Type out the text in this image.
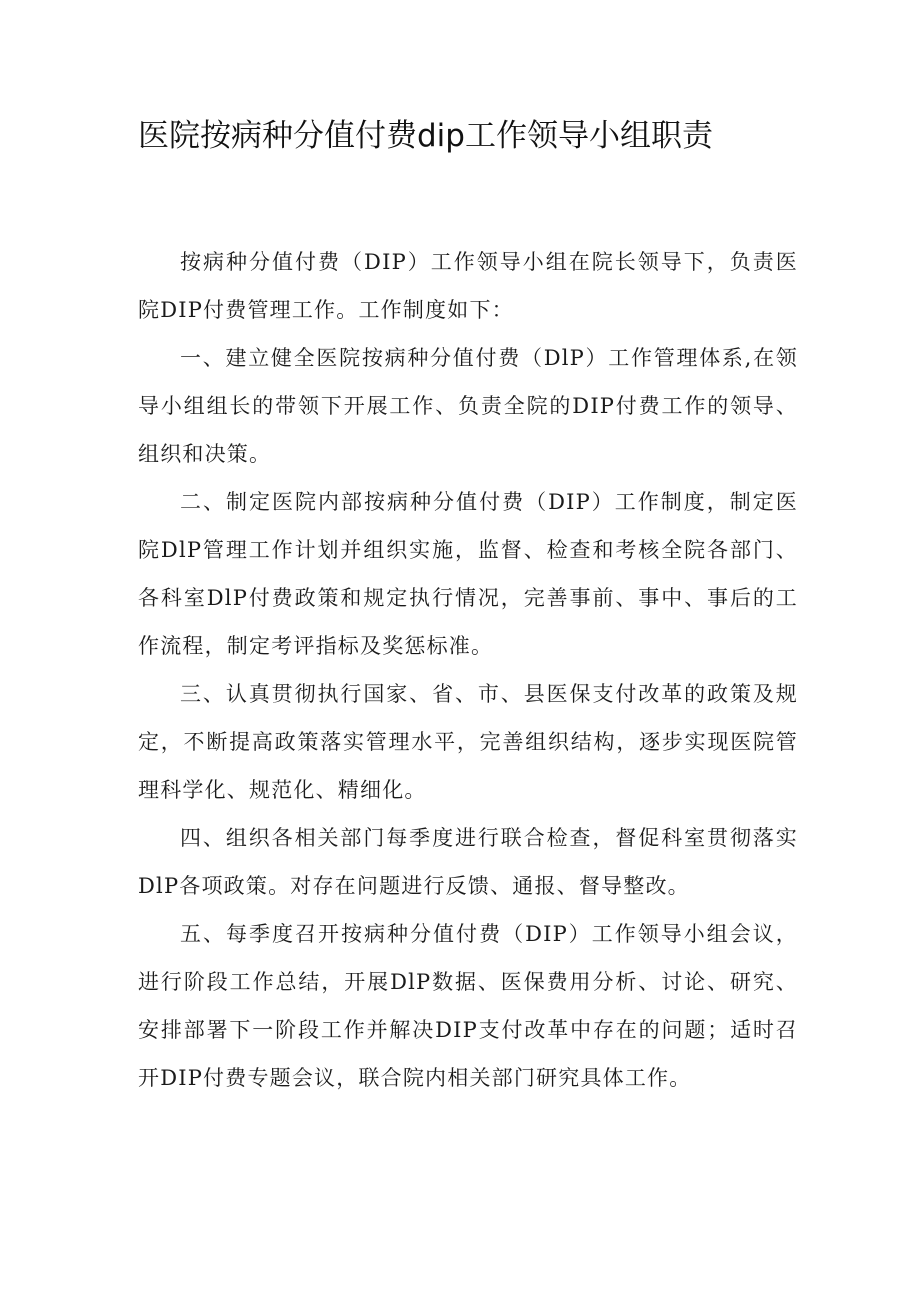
医院按病种分值付费dip工作领导小组职责

按病种分值付费（DIP）工作领导小组在院长领导下，负责医院DIP付费管理工作。工作制度如下：

一、建立健全医院按病种分值付费（DlP）工作管理体系,在领导小组组长的带领下开展工作、负责全院的DIP付费工作的领导、组织和决策。

二、制定医院内部按病种分值付费（DIP）工作制度，制定医院DlP管理工作计划并组织实施，监督、检查和考核全院各部门、各科室DlP付费政策和规定执行情况，完善事前、事中、事后的工作流程，制定考评指标及奖惩标准。

三、认真贯彻执行国家、省、市、县医保支付改革的政策及规定，不断提高政策落实管理水平，完善组织结构，逐步实现医院管理科学化、规范化、精细化。

四、组织各相关部门每季度进行联合检查，督促科室贯彻落实DlP各项政策。对存在问题进行反馈、通报、督导整改。

五、每季度召开按病种分值付费（DIP）工作领导小组会议，进行阶段工作总结，开展DlP数据、医保费用分析、讨论、研究、安排部署下一阶段工作并解决DIP支付改革中存在的问题；适时召开DIP付费专题会议，联合院内相关部门研究具体工作。
